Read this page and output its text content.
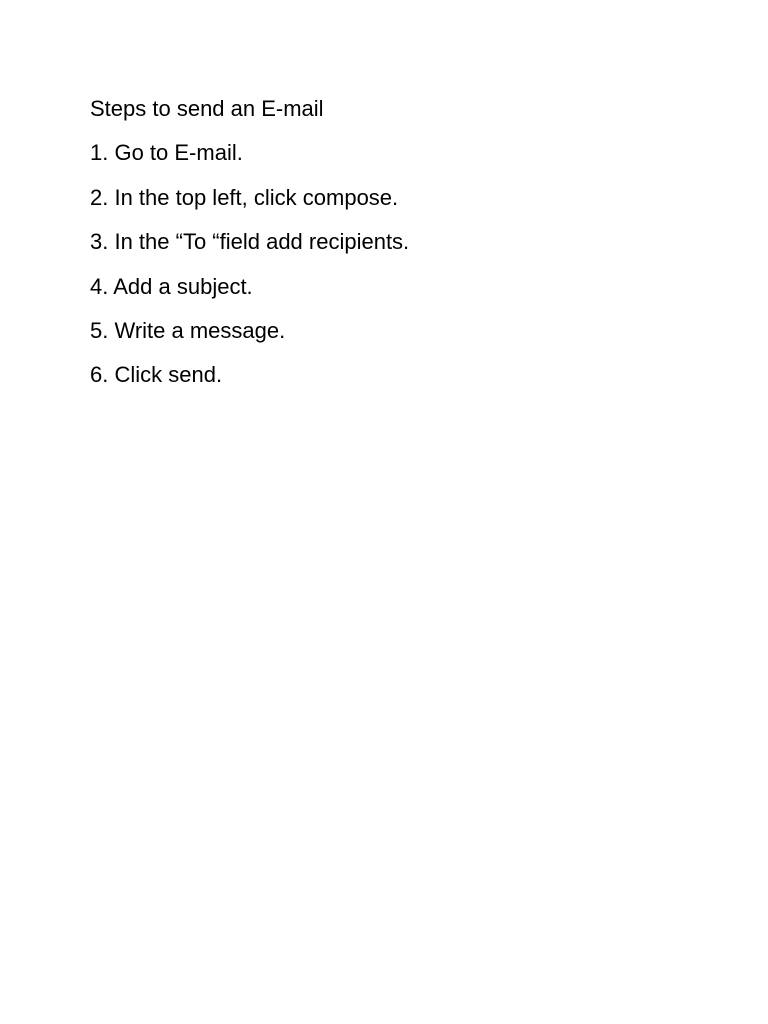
Steps to send an E-mail

1. Go to E-mail.

2. In the top left, click compose.

3. In the “To “field add recipients.

4. Add a subject.

5. Write a message.

6. Click send.
